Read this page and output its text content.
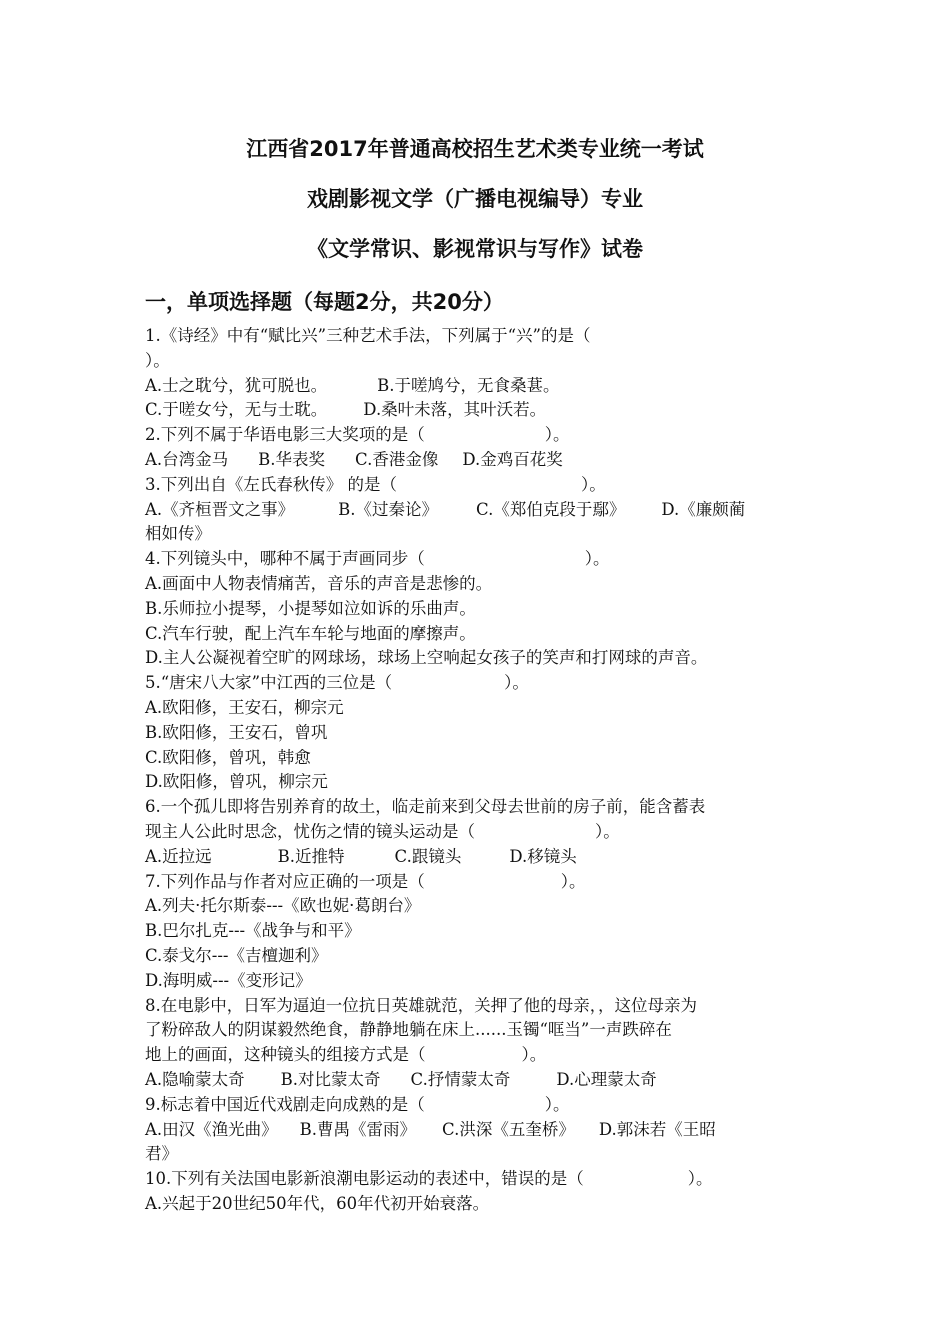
江西省2017年普通高校招生艺术类专业统一考试
戏剧影视文学（广播电视编导）专业
《文学常识、影视常识与写作》试卷
一，单项选择题（每题2分，共20分）
1.《诗经》中有“赋比兴”三种艺术手法，下列属于“兴”的是（
）。
A.士之耽兮，犹可脱也。	B.于嗟鸠兮，无食桑葚。
C.于嗟女兮，无与士耽。 D.桑叶未落，其叶沃若。
2.下列不属于华语电影三大奖项的是（	）。
A.台湾金马 B.华表奖 C.香港金像 D.金鸡百花奖
3.下列出自《左氏春秋传》 的是（	）。
A.《齐桓晋文之事》	B.《过秦论》 C.《郑伯克段于鄢》 D.《廉颇蔺
相如传》
4.下列镜头中，哪种不属于声画同步（	）。
A.画面中人物表情痛苦，音乐的声音是悲惨的。
B.乐师拉小提琴，小提琴如泣如诉的乐曲声。
C.汽车行驶，配上汽车车轮与地面的摩擦声。
D.主人公凝视着空旷的网球场，球场上空响起女孩子的笑声和打网球的声音。
5.“唐宋八大家”中江西的三位是（	）。
A.欧阳修，王安石，柳宗元
B.欧阳修，王安石，曾巩
C.欧阳修，曾巩，韩愈
D.欧阳修，曾巩，柳宗元
6.一个孤儿即将告别养育的故土，临走前来到父母去世前的房子前，能含蓄表
现主人公此时思念，忧伤之情的镜头运动是（	）。
A.近拉远	B.近推特	C.跟镜头	D.移镜头
7.下列作品与作者对应正确的一项是（	）。
A.列夫·托尔斯泰---《欧也妮·葛朗台》
B.巴尔扎克---《战争与和平》
C.泰戈尔---《吉檀迦利》
D.海明威---《变形记》
8.在电影中，日军为逼迫一位抗日英雄就范，关押了他的母亲，，这位母亲为
了粉碎敌人的阴谋毅然绝食，静静地躺在床上......玉镯“哐当”一声跌碎在
地上的画面，这种镜头的组接方式是（	）。
A.隐喻蒙太奇 B.对比蒙太奇 C.抒情蒙太奇	D.心理蒙太奇
9.标志着中国近代戏剧走向成熟的是（	）。
A.田汉《渔光曲》 B.曹禺《雷雨》 C.洪深《五奎桥》 D.郭沫若《王昭
君》
10.下列有关法国电影新浪潮电影运动的表述中，错误的是（	）。
A.兴起于20世纪50年代，60年代初开始衰落。
